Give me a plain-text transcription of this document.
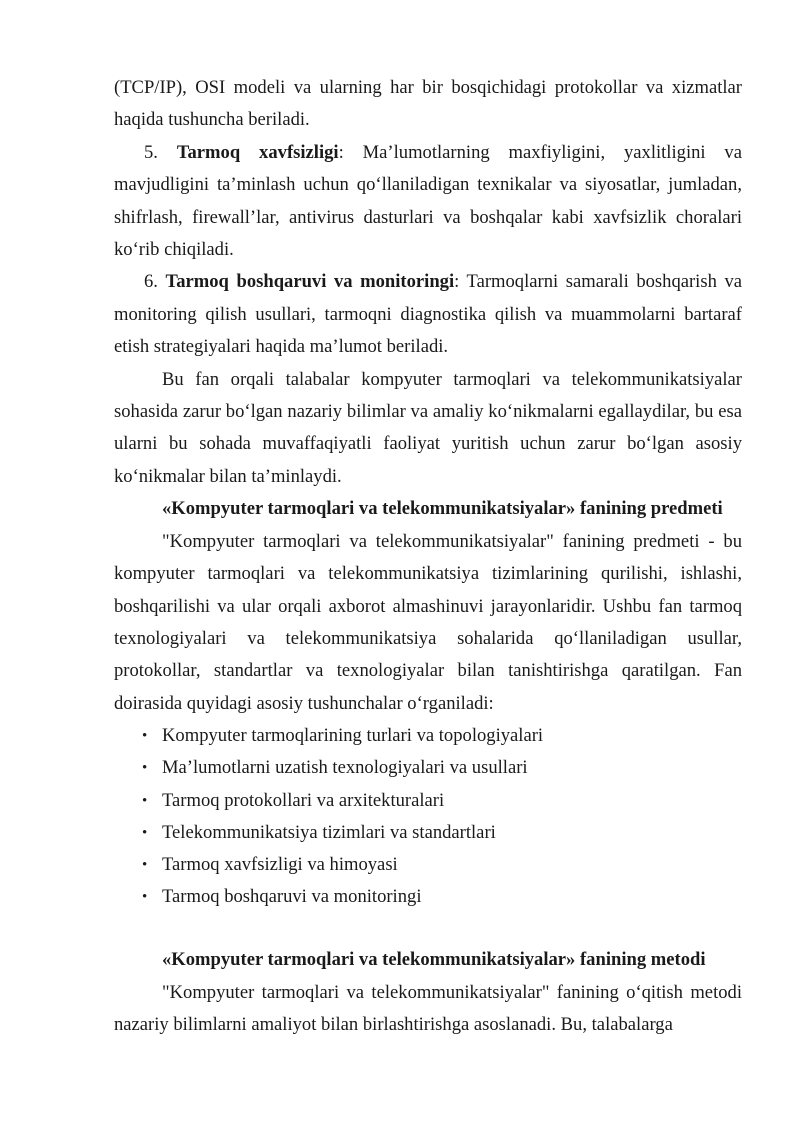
(TCP/IP), OSI modeli va ularning har bir bosqichidagi protokollar va xizmatlar haqida tushuncha beriladi.

5. Tarmoq xavfsizligi: Ma’lumotlarning maxfiyligini, yaxlitligini va mavjudligini ta’minlash uchun qo‘llaniladigan texnikalar va siyosatlar, jumladan, shifrlash, firewall’lar, antivirus dasturlari va boshqalar kabi xavfsizlik choralari ko‘rib chiqiladi.

6. Tarmoq boshqaruvi va monitoringi: Tarmoqlarni samarali boshqarish va monitoring qilish usullari, tarmoqni diagnostika qilish va muammolarni bartaraf etish strategiyalari haqida ma’lumot beriladi.

Bu fan orqali talabalar kompyuter tarmoqlari va telekommunikatsiyalar sohasida zarur bo‘lgan nazariy bilimlar va amaliy ko‘nikmalarni egallaydilar, bu esa ularni bu sohada muvaffaqiyatli faoliyat yuritish uchun zarur bo‘lgan asosiy ko‘nikmalar bilan ta’minlaydi.

«Kompyuter tarmoqlari va telekommunikatsiyalar» fanining predmeti

"Kompyuter tarmoqlari va telekommunikatsiyalar" fanining predmeti - bu kompyuter tarmoqlari va telekommunikatsiya tizimlarining qurilishi, ishlashi, boshqarilishi va ular orqali axborot almashinuvi jarayonlaridir. Ushbu fan tarmoq texnologiyalari va telekommunikatsiya sohalarida qo‘llaniladigan usullar, protokollar, standartlar va texnologiyalar bilan tanishtirishga qaratilgan. Fan doirasida quyidagi asosiy tushunchalar o‘rganiladi:

• Kompyuter tarmoqlarining turlari va topologiyalari
• Ma’lumotlarni uzatish texnologiyalari va usullari
• Tarmoq protokollari va arxitekturalari
• Telekommunikatsiya tizimlari va standartlari
• Tarmoq xavfsizligi va himoyasi
• Tarmoq boshqaruvi va monitoringi
«Kompyuter tarmoqlari va telekommunikatsiyalar» fanining metodi

"Kompyuter tarmoqlari va telekommunikatsiyalar" fanining o‘qitish metodi nazariy bilimlarni amaliyot bilan birlashtirishga asoslanadi. Bu, talabalarga
